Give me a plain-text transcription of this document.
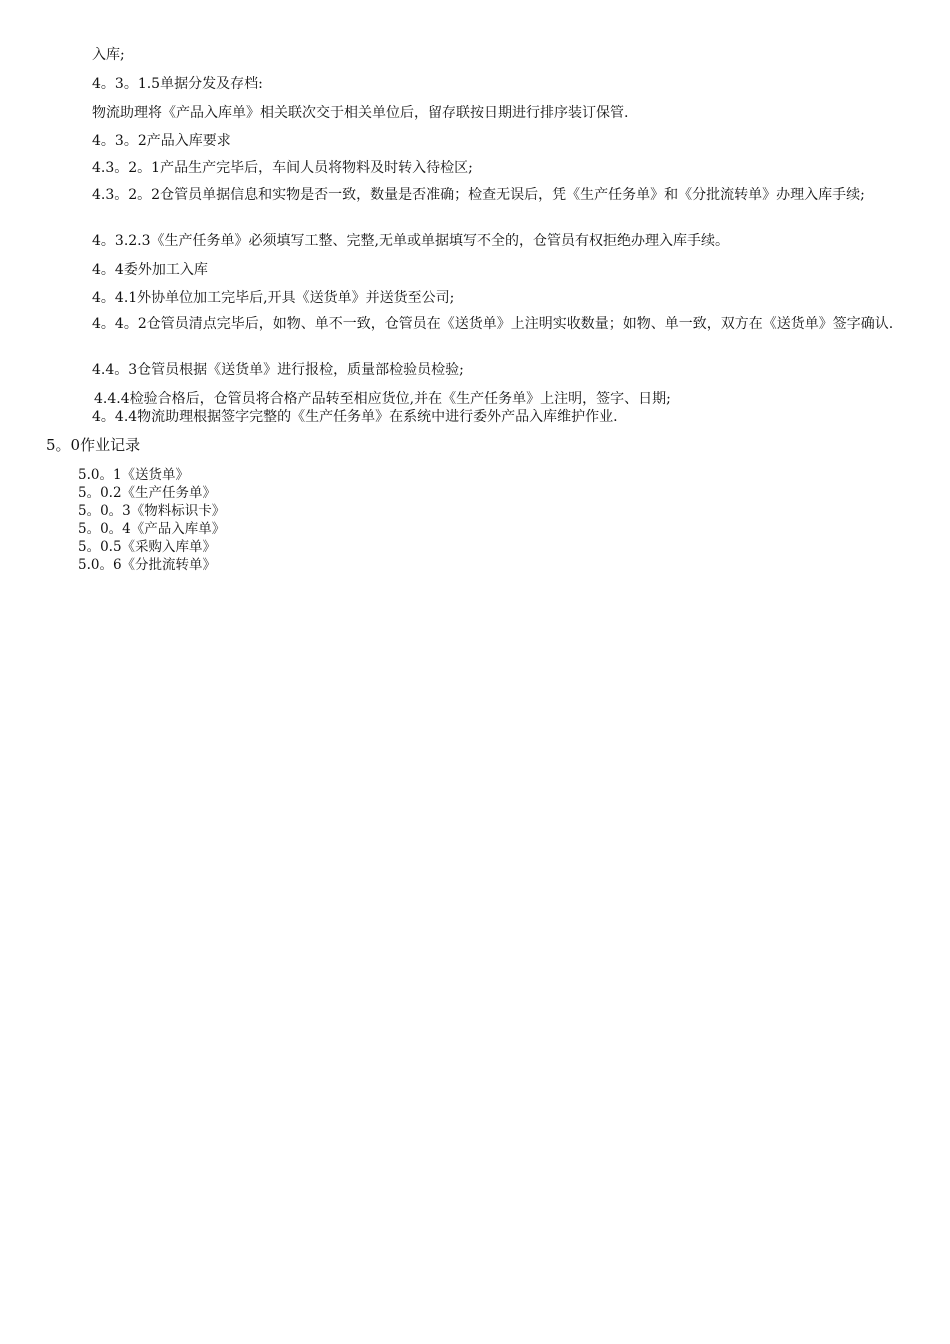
入库;
4。3。1.5单据分发及存档:
物流助理将《产品入库单》相关联次交于相关单位后，留存联按日期进行排序装订保管.
4。3。2产品入库要求
4.3。2。1产品生产完毕后，车间人员将物料及时转入待检区;
4.3。2。2仓管员单据信息和实物是否一致，数量是否准确；检查无误后，凭《生产任务单》和《分批流转单》办理入库手续;
4。3.2.3《生产任务单》必须填写工整、完整,无单或单据填写不全的，仓管员有权拒绝办理入库手续。
4。4委外加工入库
4。4.1外协单位加工完毕后,开具《送货单》并送货至公司;
4。4。2仓管员清点完毕后，如物、单不一致，仓管员在《送货单》上注明实收数量；如物、单一致，双方在《送货单》签字确认.
4.4。3仓管员根据《送货单》进行报检，质量部检验员检验;
4.4.4检验合格后，仓管员将合格产品转至相应货位,并在《生产任务单》上注明，签字、日期;
4。4.4物流助理根据签字完整的《生产任务单》在系统中进行委外产品入库维护作业.
5。0作业记录
5.0。1《送货单》
5。0.2《生产任务单》
5。0。3《物料标识卡》
5。0。4《产品入库单》
5。0.5《采购入库单》
5.0。6《分批流转单》
